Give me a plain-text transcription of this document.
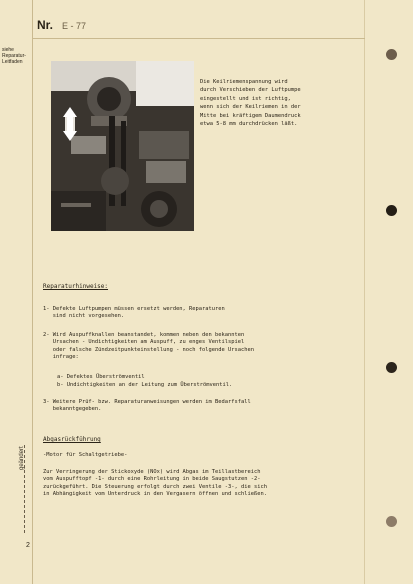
Nr. E - 77
siehe Reparatur- Leitfaden
Die Keilriemenspannung wird
durch Verschieben der Luftpumpe
eingestellt und ist richtig,
wenn sich der Keilriemen in der
Mitte bei kräftigem Daumendruck
etwa 5-8 mm durchdrücken läßt.
Reparaturhinweise:
1- Defekte Luftpumpen müssen ersetzt werden, Reparaturen
sind nicht vorgesehen.
2- Wird Auspuffknallen beanstandet, kommen neben den bekannten
Ursachen - Undichtigkeiten am Auspuff, zu enges Ventilspiel
oder falsche Zündzeitpunkteinstellung - noch folgende Ursachen
infrage:
a- Defektes Überströmventil
b- Undichtigkeiten an der Leitung zum Überströmventil.
3- Weitere Prüf- bzw. Reparaturanweisungen werden im Bedarfsfall
bekanntgegeben.
Abgasrückführung
-Motor für Schaltgetriebe-
Zur Verringerung der Stickoxyde (NOx) wird Abgas im Teillastbereich
vom Auspufftopf -1- durch eine Rohrleitung in beide Saugstutzen -2-
zurückgeführt. Die Steuerung erfolgt durch zwei Ventile -3-, die sich
in Abhängigkeit vom Unterdruck in den Vergasern öffnen und schließen.
geändert
2
